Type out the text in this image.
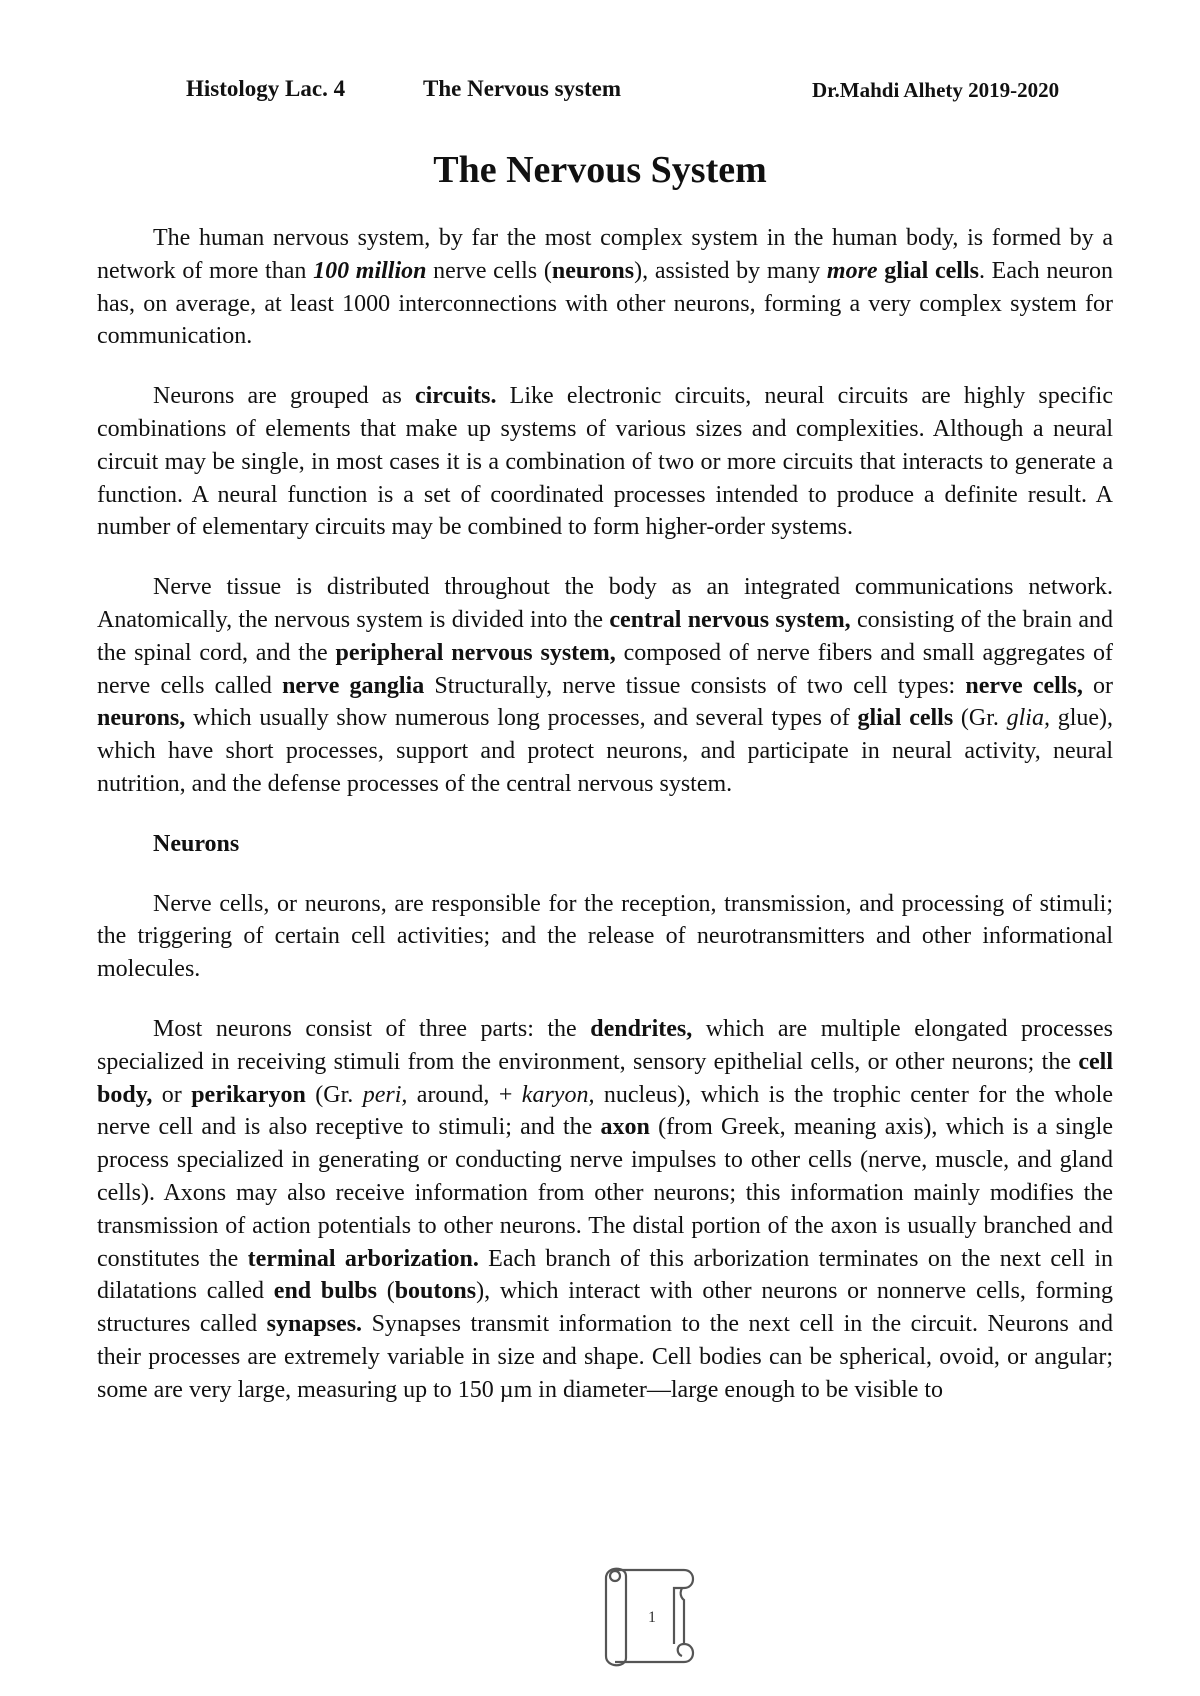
Histology Lac. 4	The Nervous system	Dr.Mahdi Alhety 2019-2020
The Nervous System

The human nervous system, by far the most complex system in the human body, is formed by a network of more than 100 million nerve cells (neurons), assisted by many more glial cells. Each neuron has, on average, at least 1000 interconnections with other neurons, forming a very complex system for communication.

Neurons are grouped as circuits. Like electronic circuits, neural circuits are highly specific combinations of elements that make up systems of various sizes and complexities. Although a neural circuit may be single, in most cases it is a combination of two or more circuits that interacts to generate a function. A neural function is a set of coordinated processes intended to produce a definite result. A number of elementary circuits may be combined to form higher-order systems.

Nerve tissue is distributed throughout the body as an integrated communications network. Anatomically, the nervous system is divided into the central nervous system, consisting of the brain and the spinal cord, and the peripheral nervous system, composed of nerve fibers and small aggregates of nerve cells called nerve ganglia Structurally, nerve tissue consists of two cell types: nerve cells, or neurons, which usually show numerous long processes, and several types of glial cells (Gr. glia, glue), which have short processes, support and protect neurons, and participate in neural activity, neural nutrition, and the defense processes of the central nervous system.

Neurons

Nerve cells, or neurons, are responsible for the reception, transmission, and processing of stimuli; the triggering of certain cell activities; and the release of neurotransmitters and other informational molecules.

Most neurons consist of three parts: the dendrites, which are multiple elongated processes specialized in receiving stimuli from the environment, sensory epithelial cells, or other neurons; the cell body, or perikaryon (Gr. peri, around, + karyon, nucleus), which is the trophic center for the whole nerve cell and is also receptive to stimuli; and the axon (from Greek, meaning axis), which is a single process specialized in generating or conducting nerve impulses to other cells (nerve, muscle, and gland cells). Axons may also receive information from other neurons; this information mainly modifies the transmission of action potentials to other neurons. The distal portion of the axon is usually branched and constitutes the terminal arborization. Each branch of this arborization terminates on the next cell in dilatations called end bulbs (boutons), which interact with other neurons or nonnerve cells, forming structures called synapses. Synapses transmit information to the next cell in the circuit. Neurons and their processes are extremely variable in size and shape. Cell bodies can be spherical, ovoid, or angular; some are very large, measuring up to 150 µm in diameter—large enough to be visible to

1
